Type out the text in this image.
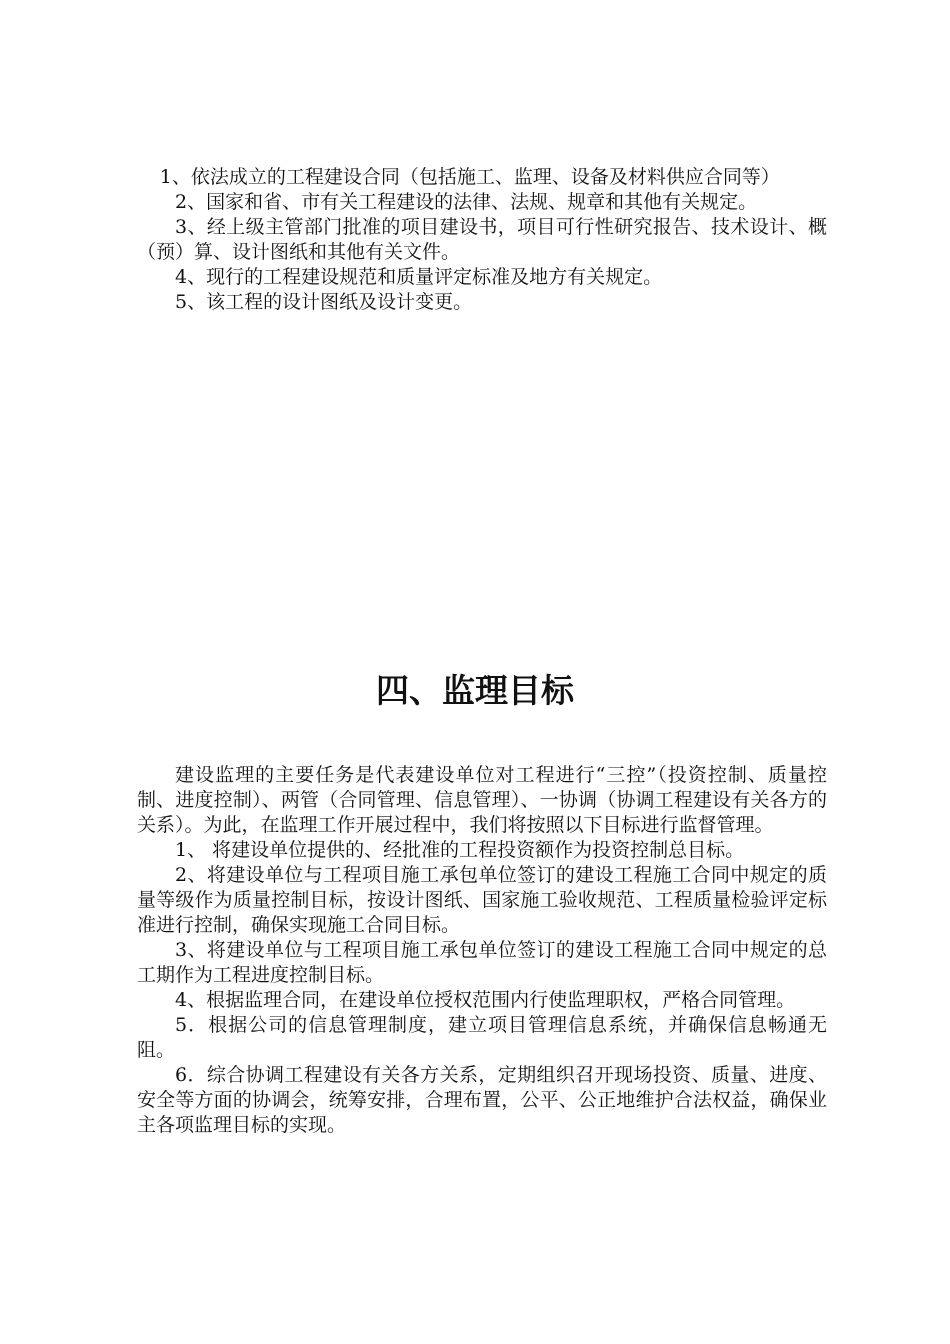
1、依法成立的工程建设合同（包括施工、监理、设备及材料供应合同等）

2、国家和省、市有关工程建设的法律、法规、规章和其他有关规定。

3、经上级主管部门批准的项目建设书，项目可行性研究报告、技术设计、概（预）算、设计图纸和其他有关文件。

4、现行的工程建设规范和质量评定标准及地方有关规定。

5、该工程的设计图纸及设计变更。

四、监理目标

建设监理的主要任务是代表建设单位对工程进行“三控”（投资控制、质量控制、进度控制）、两管（合同管理、信息管理）、一协调（协调工程建设有关各方的关系）。为此，在监理工作开展过程中，我们将按照以下目标进行监督管理。

1、 将建设单位提供的、经批准的工程投资额作为投资控制总目标。

2、将建设单位与工程项目施工承包单位签订的建设工程施工合同中规定的质量等级作为质量控制目标，按设计图纸、国家施工验收规范、工程质量检验评定标准进行控制，确保实现施工合同目标。

3、将建设单位与工程项目施工承包单位签订的建设工程施工合同中规定的总工期作为工程进度控制目标。

4、根据监理合同，在建设单位授权范围内行使监理职权，严格合同管理。

5．根据公司的信息管理制度，建立项目管理信息系统，并确保信息畅通无阻。

6．综合协调工程建设有关各方关系，定期组织召开现场投资、质量、进度、安全等方面的协调会，统筹安排，合理布置，公平、公正地维护合法权益，确保业主各项监理目标的实现。
